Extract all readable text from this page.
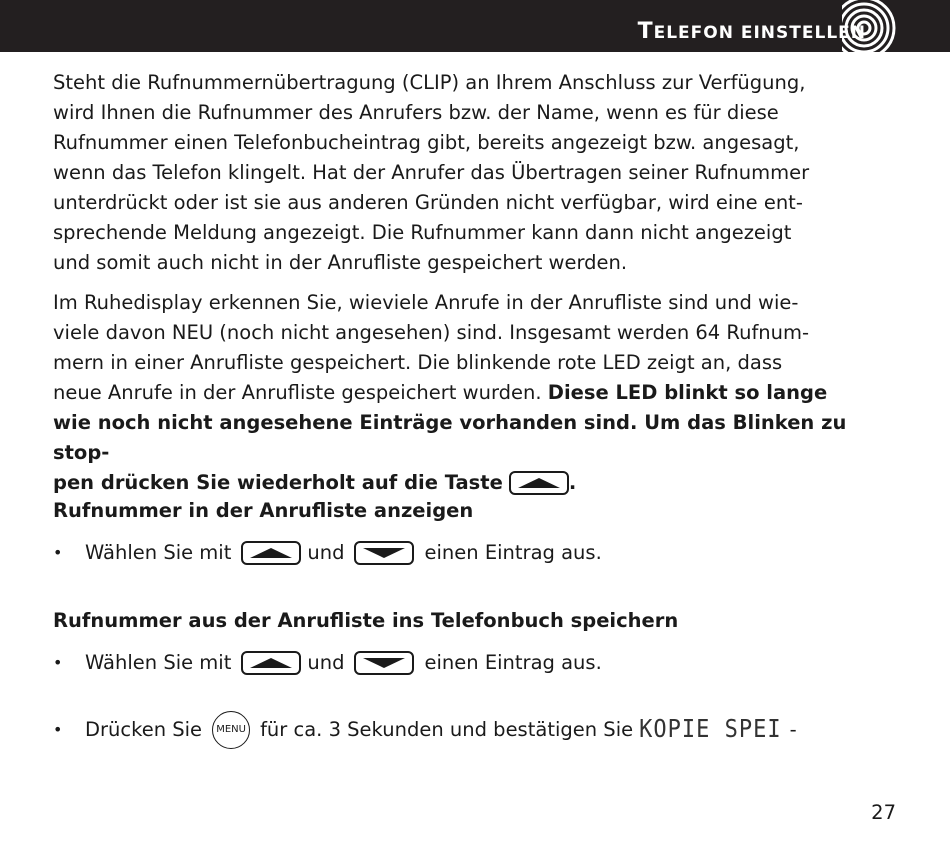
TELEFON EINSTELLEN
Steht die Rufnummernübertragung (CLIP) an Ihrem Anschluss zur Verfügung,
wird Ihnen die Rufnummer des Anrufers bzw. der Name, wenn es für diese
Rufnummer einen Telefonbucheintrag gibt, bereits angezeigt bzw. angesagt,
wenn das Telefon klingelt. Hat der Anrufer das Übertragen seiner Rufnummer
unterdrückt oder ist sie aus anderen Gründen nicht verfügbar, wird eine ent-
sprechende Meldung angezeigt. Die Rufnummer kann dann nicht angezeigt
und somit auch nicht in der Anrufliste gespeichert werden.
Im Ruhedisplay erkennen Sie, wieviele Anrufe in der Anrufliste sind und wie-
viele davon NEU (noch nicht angesehen) sind. Insgesamt werden 64 Rufnum-
mern in einer Anrufliste gespeichert. Die blinkende rote LED zeigt an, dass
neue Anrufe in der Anrufliste gespeichert wurden. Diese LED blinkt so lange
wie noch nicht angesehene Einträge vorhanden sind. Um das Blinken zu stop-
pen drücken Sie wiederholt auf die Taste	.
Rufnummer in der Anrufliste anzeigen
•	Wählen Sie mit	und	einen Eintrag aus.
Rufnummer aus der Anrufliste ins Telefonbuch speichern
•	Wählen Sie mit	und	einen Eintrag aus.
•	Drücken Sie MENU für ca. 3 Sekunden und bestätigen Sie KOPIE SPEI -
27
